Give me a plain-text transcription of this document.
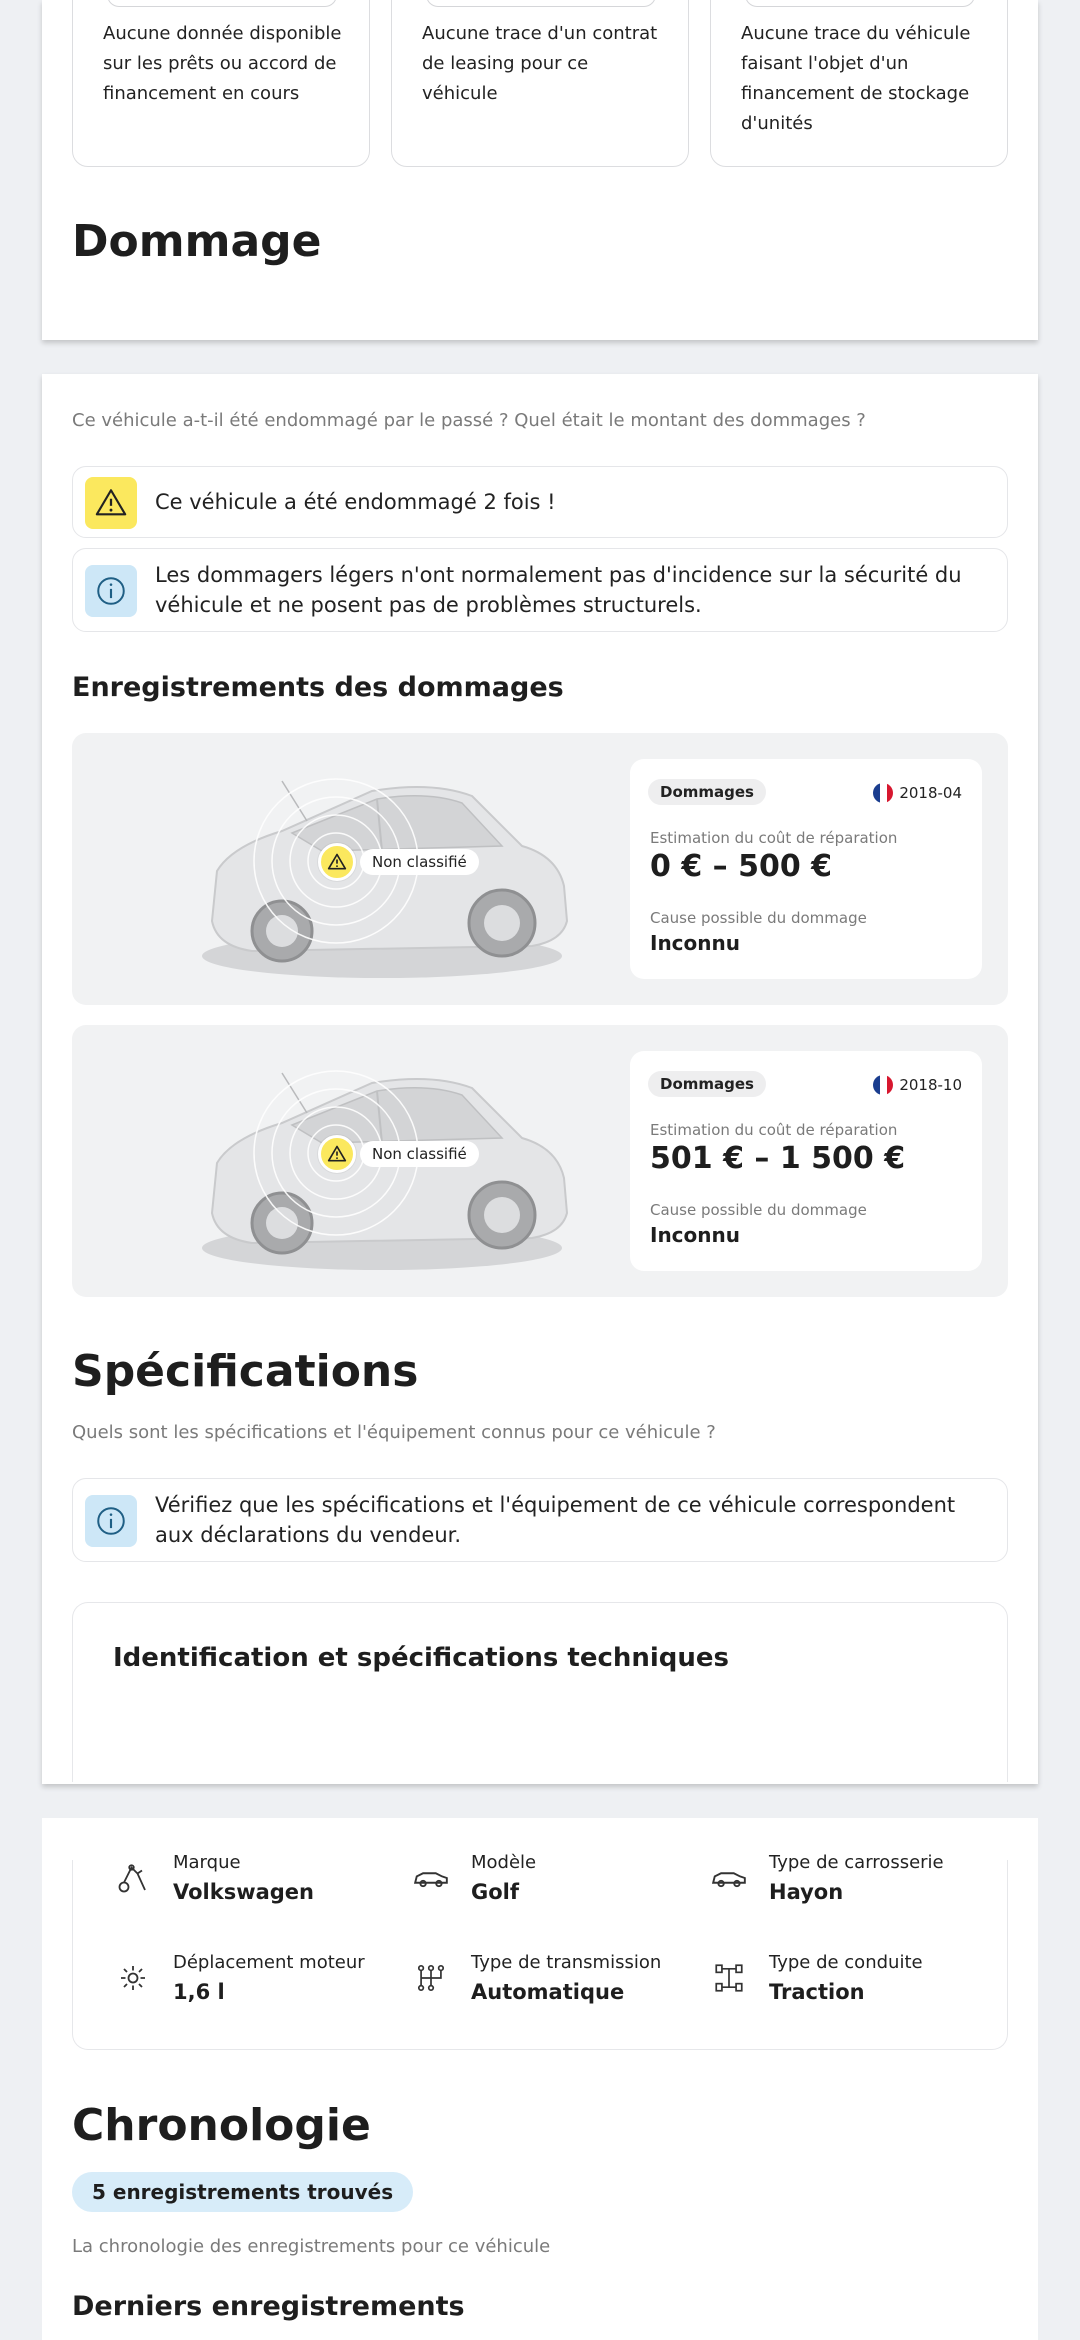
Aucune donnée disponible sur les prêts ou accord de financement en cours
Aucune trace d'un contrat de leasing pour ce véhicule
Aucune trace du véhicule faisant l'objet d'un financement de stockage d'unités
Dommage
Ce véhicule a-t-il été endommagé par le passé ? Quel était le montant des dommages ?
Ce véhicule a été endommagé 2 fois !
Les dommagers légers n'ont normalement pas d'incidence sur la sécurité du véhicule et ne posent pas de problèmes structurels.
Enregistrements des dommages
Non classifié
Dommages	2018-04
Estimation du coût de réparation
0 € – 500 €
Cause possible du dommage
Inconnu
Non classifié
Dommages	2018-10
Estimation du coût de réparation
501 € – 1 500 €
Cause possible du dommage
Inconnu
Spécifications
Quels sont les spécifications et l'équipement connus pour ce véhicule ?
Vérifiez que les spécifications et l'équipement de ce véhicule correspondent aux déclarations du vendeur.
Identification et spécifications techniques
Marque
Volkswagen
Modèle
Golf
Type de carrosserie
Hayon
Déplacement moteur
1,6 l
Type de transmission
Automatique
Type de conduite
Traction
Chronologie
5 enregistrements trouvés
La chronologie des enregistrements pour ce véhicule
Derniers enregistrements
